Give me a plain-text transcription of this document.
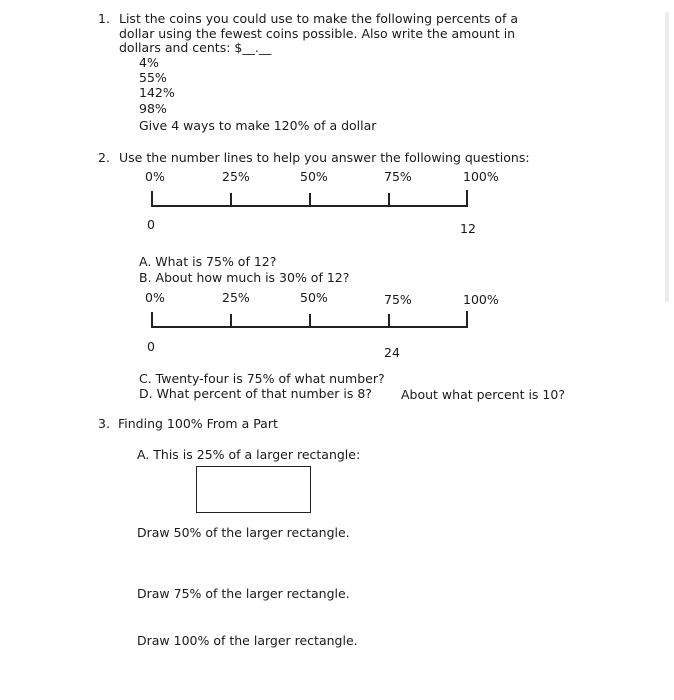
1. List the coins you could use to make the following percents of a
dollar using the fewest coins possible. Also write the amount in
dollars and cents: $__.__
4%
55%
142%
98%
Give 4 ways to make 120% of a dollar
2. Use the number lines to help you answer the following questions:
0%	25%	50%	75%	100%
0	12
A. What is 75% of 12?
B. About how much is 30% of 12?
0%	25%	50%	75%	100%
0	24
C. Twenty-four is 75% of what number?
D. What percent of that number is 8? About what percent is 10?
3. Finding 100% From a Part
A. This is 25% of a larger rectangle:
Draw 50% of the larger rectangle.
Draw 75% of the larger rectangle.
Draw 100% of the larger rectangle.
